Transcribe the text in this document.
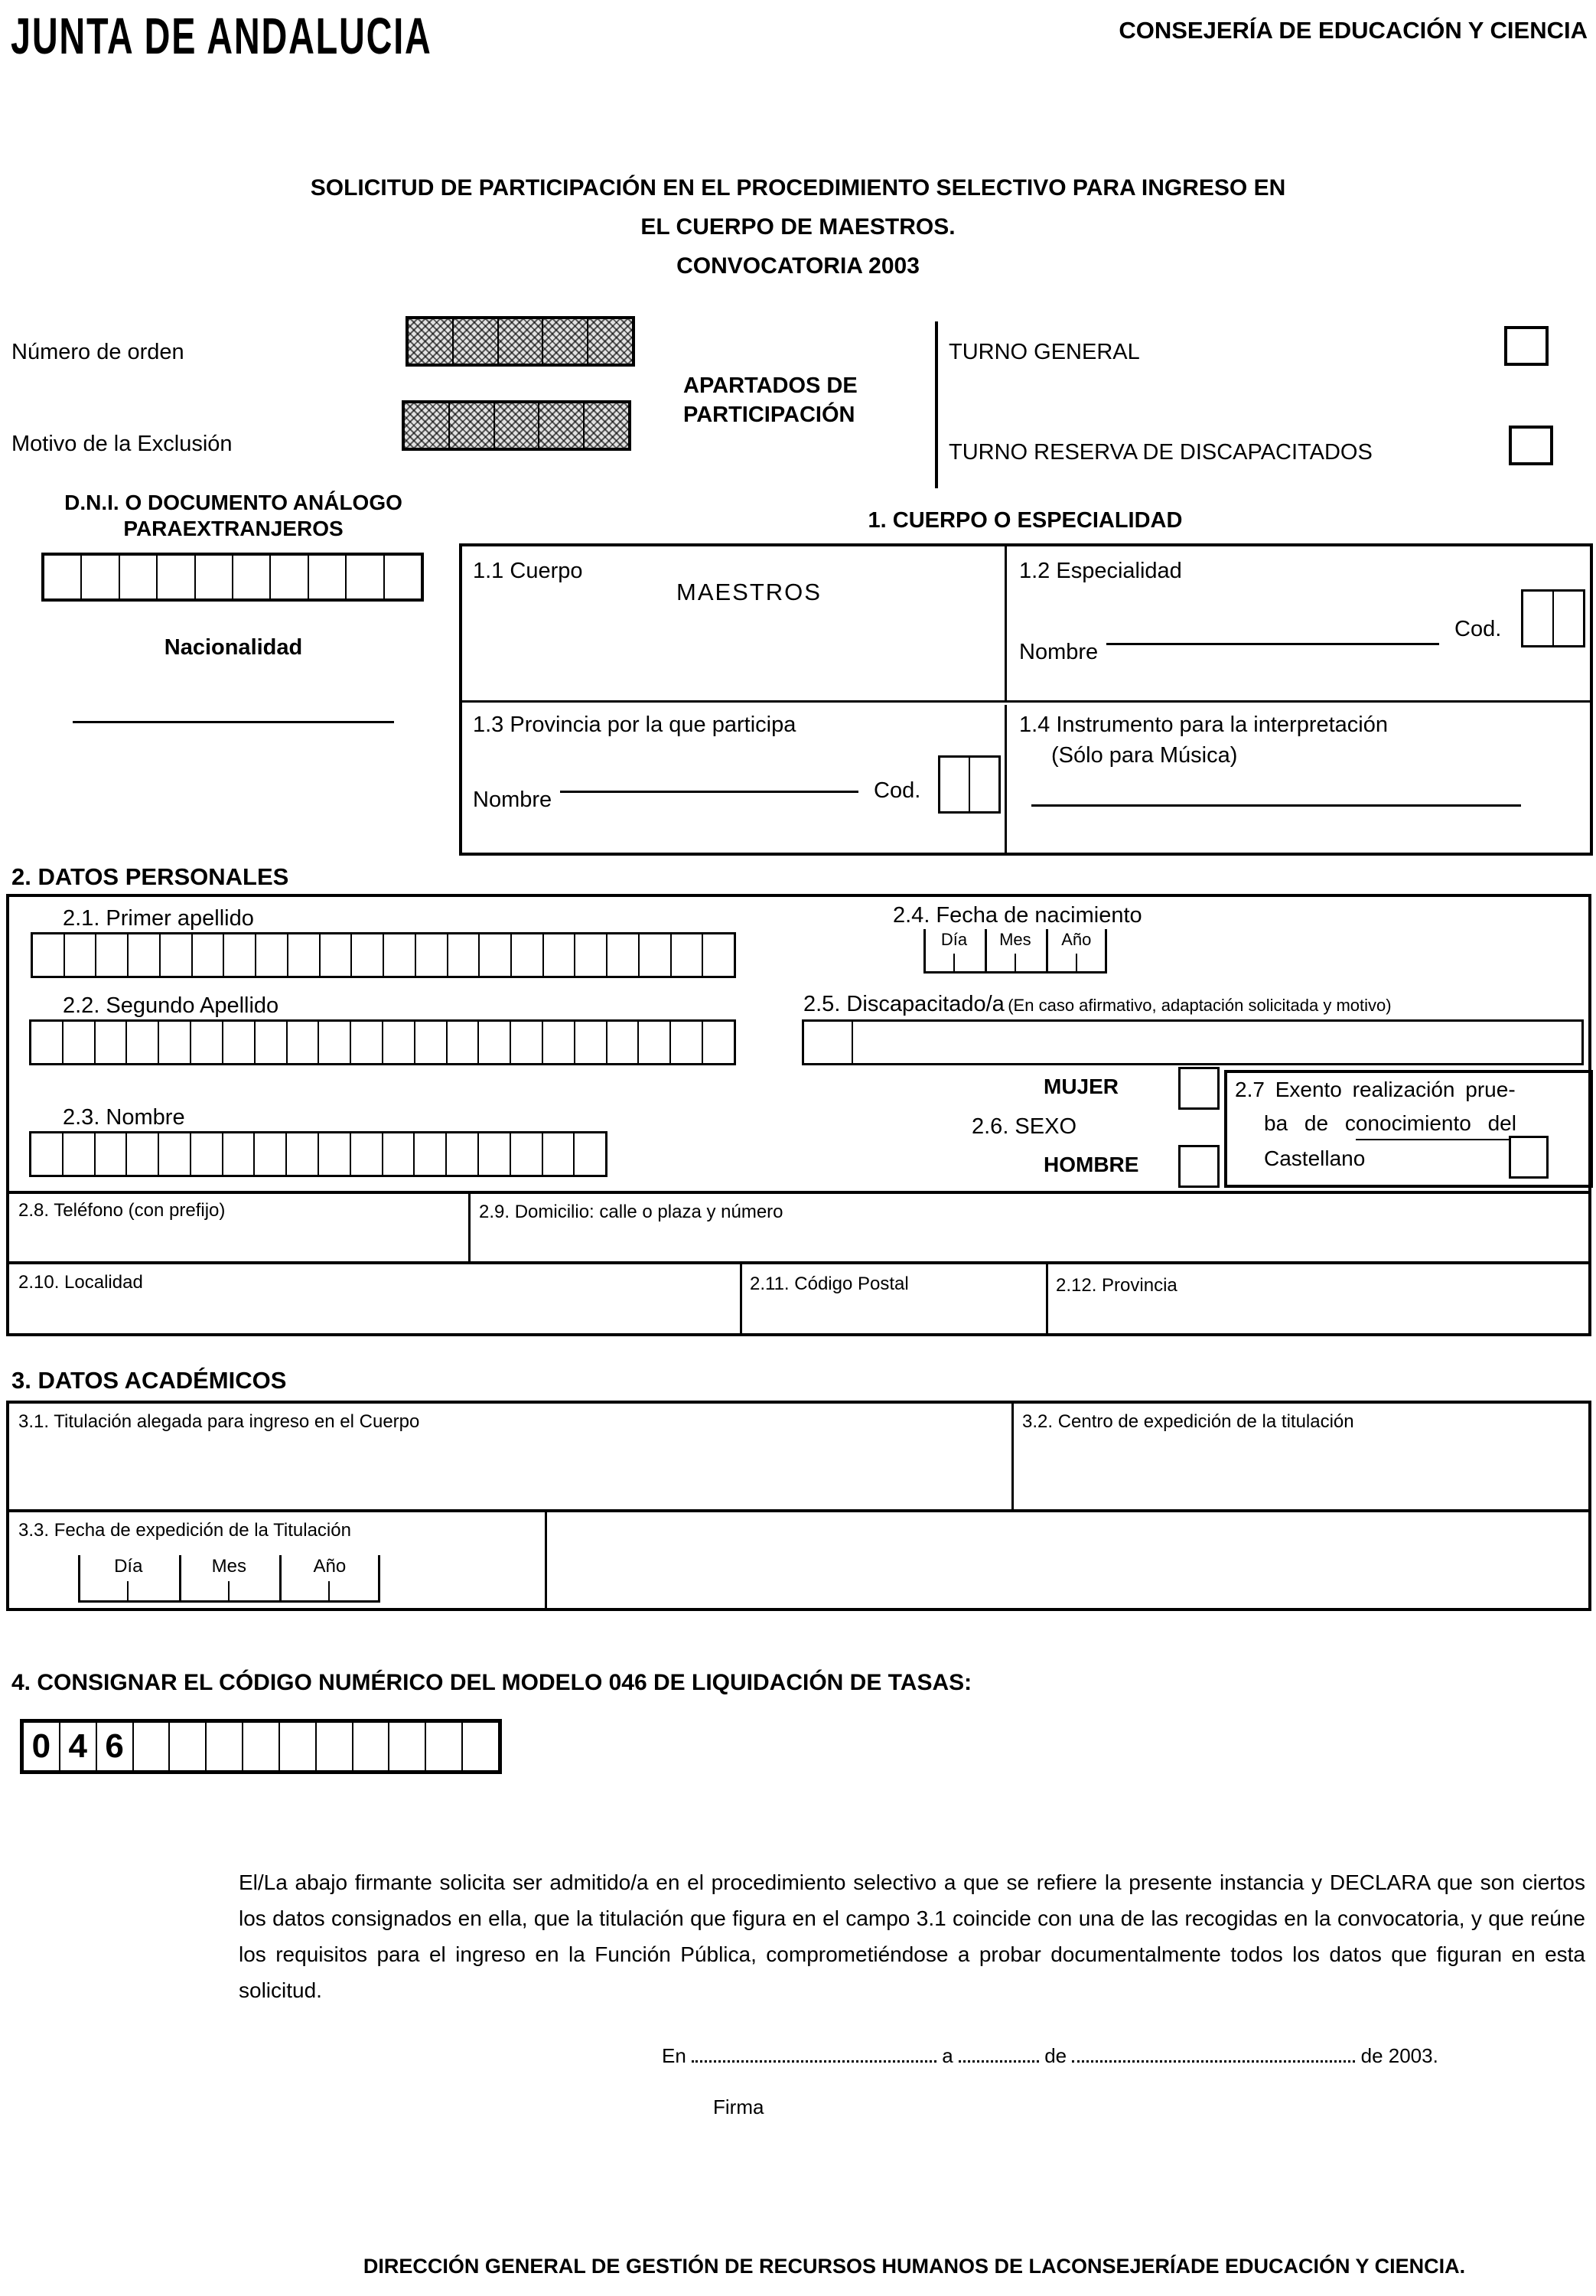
JUNTA DE ANDALUCIA	CONSEJERÍA DE EDUCACIÓN Y CIENCIA
SOLICITUD DE PARTICIPACIÓN EN EL PROCEDIMIENTO SELECTIVO PARA INGRESO EN
EL CUERPO DE MAESTROS.
CONVOCATORIA 2003
Número de orden
Motivo de la Exclusión
APARTADOS DE
PARTICIPACIÓN
TURNO GENERAL
TURNO RESERVA DE DISCAPACITADOS
D.N.I. O DOCUMENTO ANÁLOGO
PARAEXTRANJEROS
Nacionalidad
1. CUERPO O ESPECIALIDAD
1.1 Cuerpo
MAESTROS
1.2 Especialidad
Cod.
Nombre
1.3 Provincia por la que participa
Nombre	Cod.
1.4 Instrumento para la interpretación
(Sólo para Música)
2. DATOS PERSONALES
2.1. Primer apellido	2.4. Fecha de nacimiento
Día	Mes	Año
2.2. Segundo Apellido	2.5. Discapacitado/a (En caso afirmativo, adaptación solicitada y motivo)
2.3. Nombre
MUJER
2.6. SEXO
HOMBRE
2.7 Exento realización prue-
ba de conocimiento del
Castellano
2.8. Teléfono (con prefijo)	2.9. Domicilio: calle o plaza y número
2.10. Localidad	2.11. Código Postal	2.12. Provincia
3. DATOS ACADÉMICOS
3.1. Titulación alegada para ingreso en el Cuerpo	3.2. Centro de expedición de la titulación
3.3. Fecha de expedición de la Titulación
Día	Mes	Año
4. CONSIGNAR EL CÓDIGO NUMÉRICO DEL MODELO 046 DE LIQUIDACIÓN DE TASAS:
0 4 6
El/La abajo firmante solicita ser admitido/a en el procedimiento selectivo a que se refiere la presente instancia y DECLARA que son ciertos los datos consignados en ella, que la titulación que figura en el campo 3.1 coincide con una de las recogidas en la convocatoria, y que reúne los requisitos para el ingreso en la Función Pública, comprometiéndose a probar documentalmente todos los datos que figuran en esta solicitud.
En	a	de	de 2003.
Firma
DIRECCIÓN GENERAL DE GESTIÓN DE RECURSOS HUMANOS DE LACONSEJERÍADE EDUCACIÓN Y CIENCIA.
